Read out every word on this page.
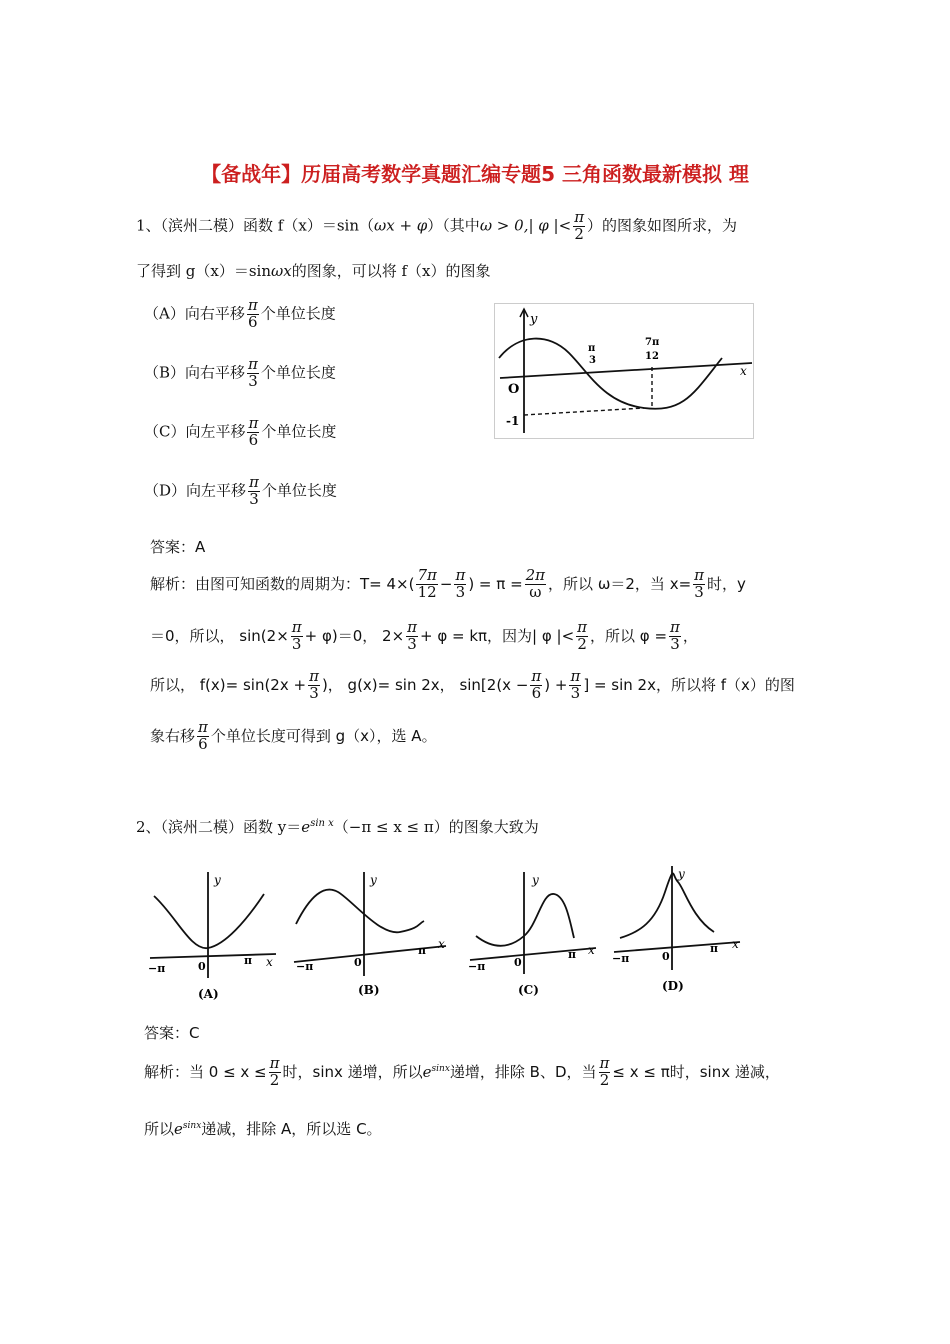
【备战年】历届高考数学真题汇编专题5 三角函数最新模拟 理
1、（滨州二模）函数 f（x）＝sin（ωx + φ）（其中ω > 0,| φ |< $\frac{\pi}{2}$ ）的图象如图所求，为
了得到 g（x）＝sinωx的图象，可以将 f（x）的图象
（A）向右平移 $\frac{\pi}{6}$ 个单位长度
（B）向右平移 $\frac{\pi}{3}$ 个单位长度
（C）向左平移 $\frac{\pi}{6}$ 个单位长度
（D）向左平移 $\frac{\pi}{3}$ 个单位长度
y
x
O
-1
π
3
7π
12
答案：A
解析：由图可知函数的周期为：$T= 4\times( \frac{7\pi}{12} - \frac{\pi}{3}$ ) = $\pi = \frac{2\pi}{\omega}$ ，所以 ω＝2，当 $x= \frac{\pi}{3}$ 时，y
＝0，所以， $\sin(2\times \frac{\pi}{3} + \varphi)=0$， $2\times \frac{\pi}{3} + \varphi = k\pi$，因为| φ |< $\frac{\pi}{2}$ ，所以 $\varphi = \frac{\pi}{3}$ ，
所以， $f(x)= \sin(2x + \frac{\pi}{3}$ )， g(x)= sin 2x， $\sin[2(x - \frac{\pi}{6}$ ) + $\frac{\pi}{3}$ ] = sin 2x，所以将 f（x）的图
象右移 $\frac{\pi}{6}$ 个单位长度可得到 g（x），选 A。
2、（滨州二模）函数 $y=e^{sin x}(-\pi \le x \le \pi)$的图象大致为
y
x
−π	0	π
(A)
y
x
−π	0
π
(B)
y
x
−π	0
π
(C)
y
x
−π	0
π
(D)
答案：C
解析：当 $0 \le x \le \frac{\pi}{2}$ 时，sinx 递增，所以$e^{sinx}$递增，排除 B、D，当 $\frac{\pi}{2} \le x \le \pi$时，sinx 递减，
所以$e^{sinx}$递减，排除 A，所以选 C。
